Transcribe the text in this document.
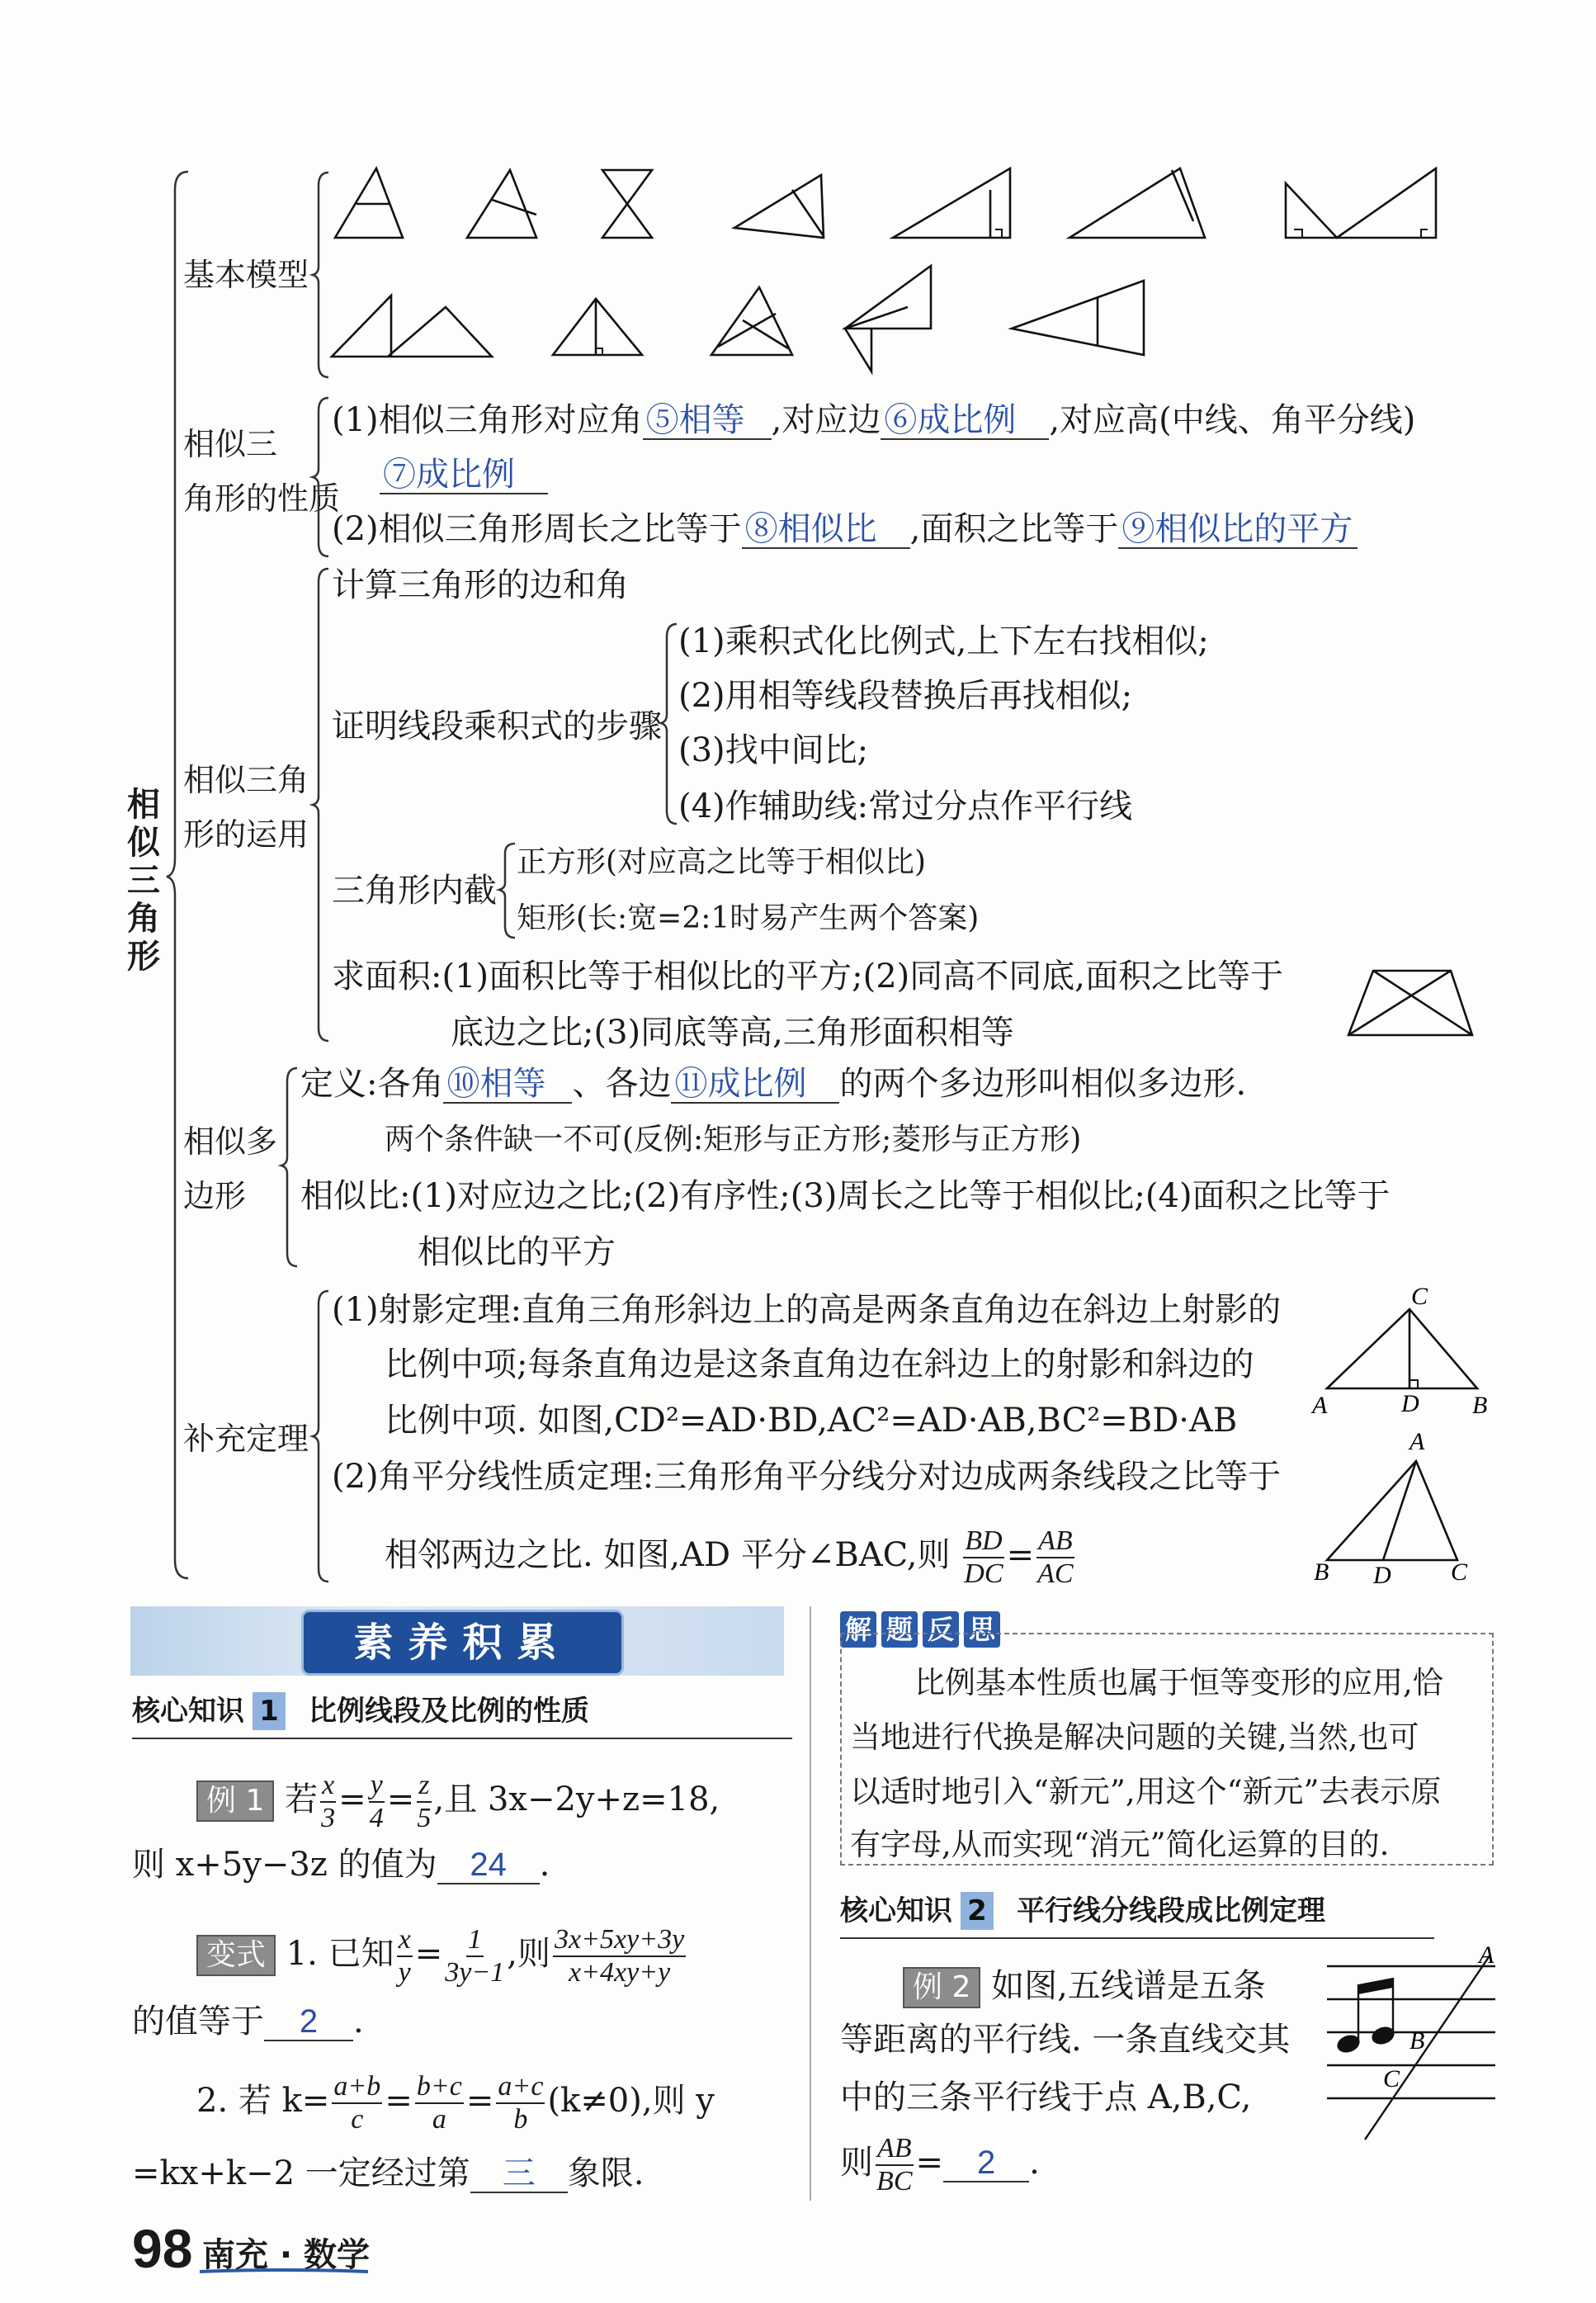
相似三角形
基本模型
相似三
角形的性质
(1)相似三角形对应角 ⑤相等 ,对应边 ⑥成比例 ,对应高(中线、角平分线)
⑦成比例
(2)相似三角形周长之比等于 ⑧相似比 ,面积之比等于 ⑨相似比的平方
相似三角
形的运用
计算三角形的边和角
证明线段乘积式的步骤
(1)乘积式化比例式,上下左右找相似;
(2)用相等线段替换后再找相似;
(3)找中间比;
(4)作辅助线:常过分点作平行线
三角形内截
正方形(对应高之比等于相似比)
矩形(长:宽=2:1时易产生两个答案)
求面积:(1)面积比等于相似比的平方;(2)同高不同底,面积之比等于
底边之比;(3)同底等高,三角形面积相等
相似多
边形
定义:各角 ⑩相等 、各边 ⑪成比例 的两个多边形叫相似多边形.
两个条件缺一不可(反例:矩形与正方形;菱形与正方形)
相似比:(1)对应边之比;(2)有序性;(3)周长之比等于相似比;(4)面积之比等于
相似比的平方
补充定理
(1)射影定理:直角三角形斜边上的高是两条直角边在斜边上射影的
比例中项;每条直角边是这条直角边在斜边上的射影和斜边的
比例中项. 如图,CD²=AD·BD,AC²=AD·AB,BC²=BD·AB
(2)角平分线性质定理:三角形角平分线分对边成两条线段之比等于
相邻两边之比. 如图,AD 平分∠BAC,则 $\frac{BD}{DC} = \frac{AB}{AC}$
C
A	D B
A
B D C
素养积累
核心知识 1 比例线段及比例的性质
例 1 若 $\frac{x}{3} = \frac{y}{4} = \frac{z}{5}$ ,且 3x−2y+z=18,
则 x+5y−3z 的值为 24 .
变式 1. 已知 $\frac{x}{y} = \frac{1}{3y-1}$ ,则 $\frac{3x+5xy+3y}{x+4xy+y}$
的值等于 2 .
2. 若 $k= \frac{a+b}{c} = \frac{b+c}{a} = \frac{a+c}{b} (k\ne 0)$,则 y
=kx+k−2 一定经过第 三 象限.
解 题 反 思
比例基本性质也属于恒等变形的应用,恰
当地进行代换是解决问题的关键,当然,也可
以适时地引入“新元”,用这个“新元”去表示原
有字母,从而实现“消元”简化运算的目的.
核心知识 2 平行线分线段成比例定理
例 2 如图,五线谱是五条
等距离的平行线. 一条直线交其
中的三条平行线于点 A,B,C,
则 $\frac{AB}{BC} = 2$ .
A
B
C
98 南充 · 数学
